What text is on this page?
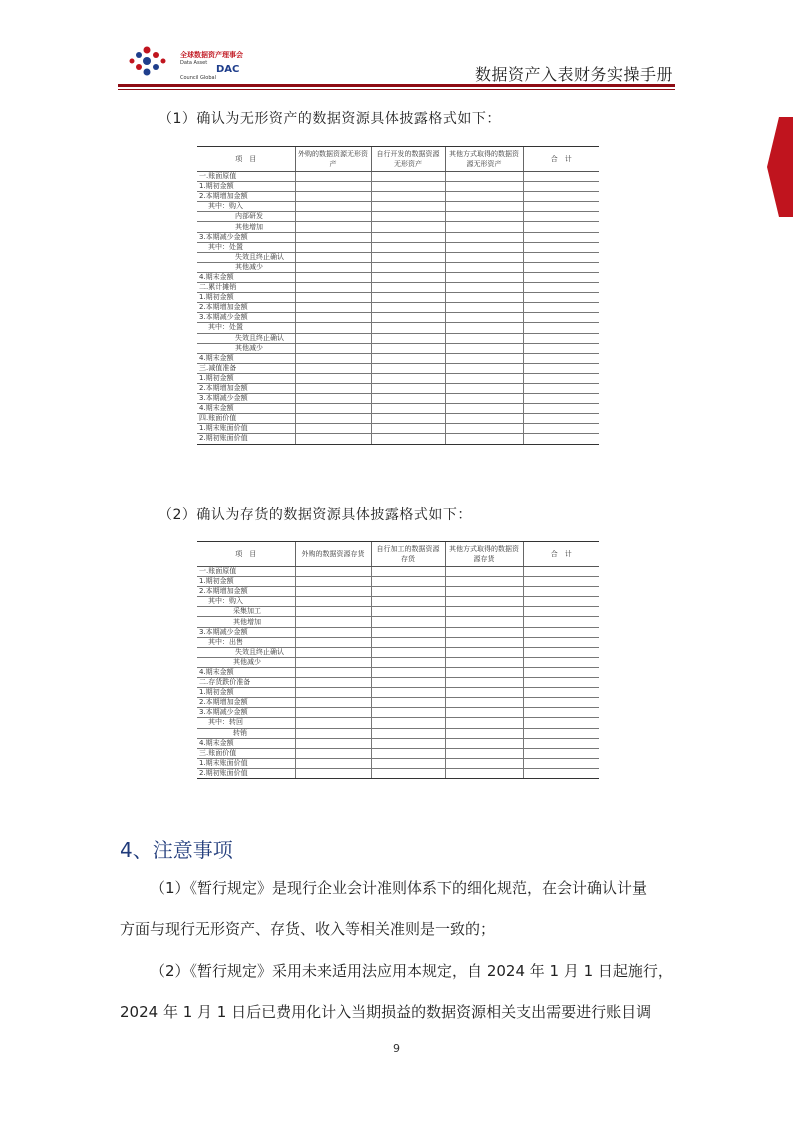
全球数据资产理事会
Data Asset
Council Global
DAC	数据资产入表财务实操手册
（1）确认为无形资产的数据资源具体披露格式如下：
项　目	外购的数据资源无形资产	自行开发的数据资源无形资产	其他方式取得的数据资源无形资产	合　计
一.账面原值				
1.期初金额				
2.本期增加金额				
其中：购入				
内部研发				
其他增加				
3.本期减少金额				
其中：处置				
失效且终止确认				
其他减少				
4.期末金额				
二.累计摊销				
1.期初金额				
2.本期增加金额				
3.本期减少金额				
其中：处置				
失效且终止确认				
其他减少				
4.期末金额				
三.减值准备				
1.期初金额				
2.本期增加金额				
3.本期减少金额				
4.期末金额				
四.账面价值				
1.期末账面价值				
2.期初账面价值				
（2）确认为存货的数据资源具体披露格式如下：
项　目	外购的数据资源存货	自行加工的数据资源存货	其他方式取得的数据资源存货	合　计
一.账面原值				
1.期初金额				
2.本期增加金额				
其中：购入				
采集加工				
其他增加				
3.本期减少金额				
其中：出售				
失效且终止确认				
其他减少				
4.期末金额				
二.存货跌价准备				
1.期初金额				
2.本期增加金额				
3.本期减少金额				
其中：转回				
转销				
4.期末金额				
三.账面价值				
1.期末账面价值				
2.期初账面价值				
4、注意事项
（1）《暂行规定》是现行企业会计准则体系下的细化规范，在会计确认计量
方面与现行无形资产、存货、收入等相关准则是一致的；
（2）《暂行规定》采用未来适用法应用本规定，自 2024 年 1 月 1 日起施行，
2024 年 1 月 1 日后已费用化计入当期损益的数据资源相关支出需要进行账目调
9
